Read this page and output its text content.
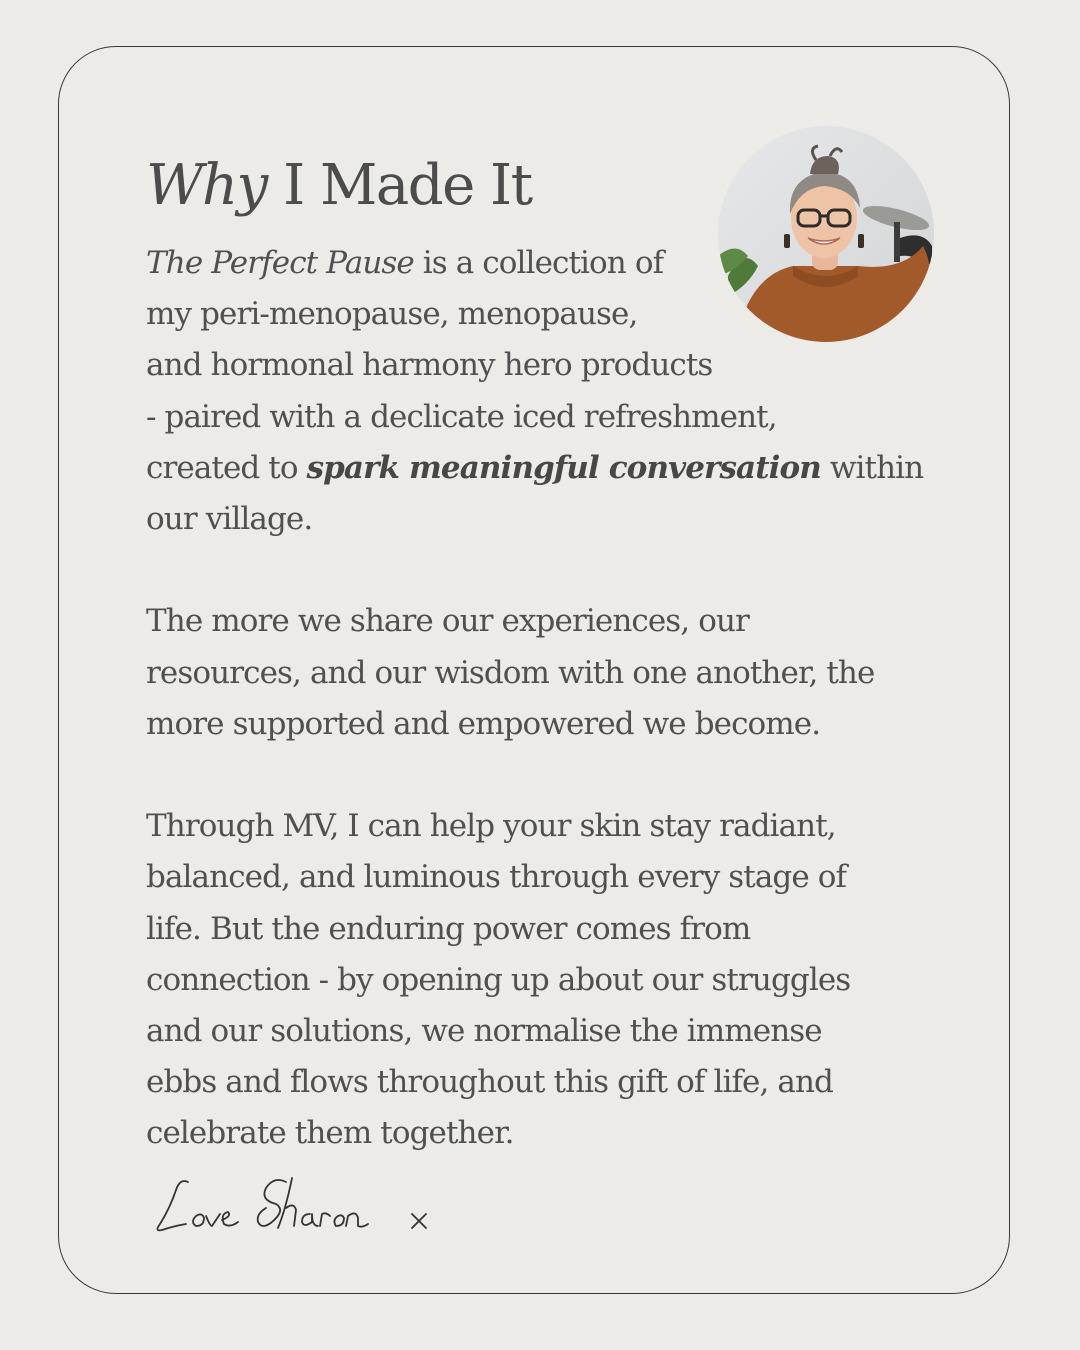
Why I Made It
The Perfect Pause is a collection of
my peri-menopause, menopause,
and hormonal harmony hero products
- paired with a declicate iced refreshment,
created to spark meaningful conversation within
our village.
The more we share our experiences, our
resources, and our wisdom with one another, the
more supported and empowered we become.
Through MV, I can help your skin stay radiant,
balanced, and luminous through every stage of
life. But the enduring power comes from
connection - by opening up about our struggles
and our solutions, we normalise the immense
ebbs and flows throughout this gift of life, and
celebrate them together.
